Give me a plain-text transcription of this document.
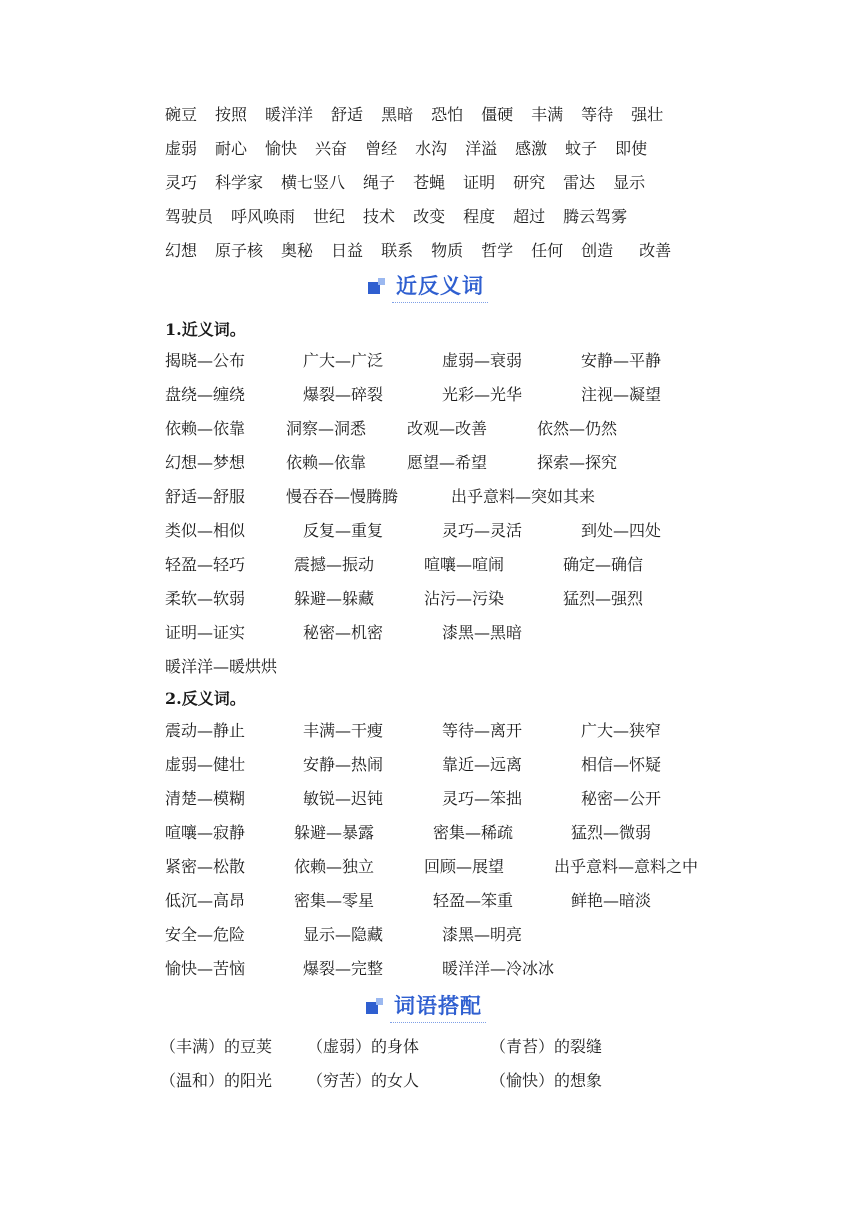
碗豆 按照 暖洋洋 舒适 黑暗 恐怕 僵硬 丰满 等待 强壮
虚弱 耐心 愉快 兴奋 曾经 水沟 洋溢 感激 蚊子 即使
灵巧 科学家 横七竖八 绳子 苍蝇 证明 研究 雷达 显示
驾驶员 呼风唤雨 世纪 技术 改变 程度 超过 腾云驾雾
幻想 原子核 奥秘 日益 联系 物质 哲学 任何 创造 改善
近反义词
1.近义词。
揭晓—公布	广大—广泛	虚弱—衰弱	安静—平静
盘绕—缠绕	爆裂—碎裂	光彩—光华	注视—凝望
依赖—依靠	洞察—洞悉	改观—改善	依然—仍然
幻想—梦想	依赖—依靠	愿望—希望	探索—探究
舒适—舒服	慢吞吞—慢腾腾	出乎意料—突如其来
类似—相似	反复—重复	灵巧—灵活	到处—四处
轻盈—轻巧	震撼—振动	喧嚷—喧闹	确定—确信
柔软—软弱	躲避—躲藏	沾污—污染	猛烈—强烈
证明—证实	秘密—机密	漆黑—黑暗
暖洋洋—暖烘烘
2.反义词。
震动—静止	丰满—干瘦	等待—离开	广大—狭窄
虚弱—健壮	安静—热闹	靠近—远离	相信—怀疑
清楚—模糊	敏锐—迟钝	灵巧—笨拙	秘密—公开
喧嚷—寂静	躲避—暴露	密集—稀疏	猛烈—微弱
紧密—松散	依赖—独立	回顾—展望	出乎意料—意料之中
低沉—高昂	密集—零星	轻盈—笨重	鲜艳—暗淡
安全—危险	显示—隐藏	漆黑—明亮
愉快—苦恼	爆裂—完整	暖洋洋—冷冰冰
词语搭配
（丰满）的豆荚 （虚弱）的身体	（青苔）的裂缝
（温和）的阳光 （穷苦）的女人	（愉快）的想象
